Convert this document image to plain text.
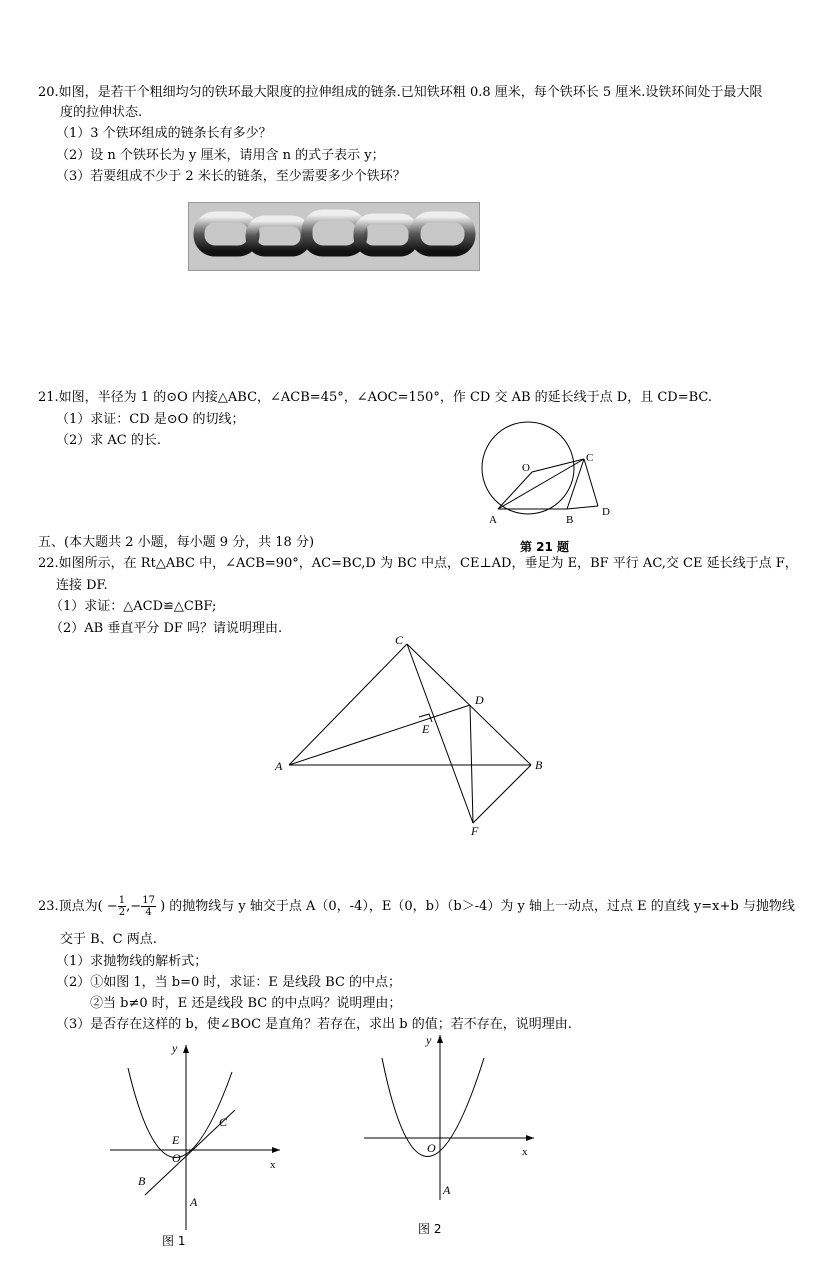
20.如图，是若干个粗细均匀的铁环最大限度的拉伸组成的链条.已知铁环粗 0.8 厘米，每个铁环长 5 厘米.设铁环间处于最大限
度的拉伸状态.
（1）3 个铁环组成的链条长有多少？
（2）设 n 个铁环长为 y 厘米，请用含 n 的式子表示 y；
（3）若要组成不少于 2 米长的链条，至少需要多少个铁环？
21.如图，半径为 1 的⊙O 内接△ABC，∠ACB=45°，∠AOC=150°，作 CD 交 AB 的延长线于点 D，且 CD=BC.
（1）求证：CD 是⊙O 的切线；
（2）求 AC 的长.
O
C
A	B
D
第 21 题
五、(本大题共 2 小题，每小题 9 分，共 18 分)
22.如图所示，在 Rt△ABC 中，∠ACB=90°，AC=BC,D 为 BC 中点，CE⊥AD，垂足为 E，BF 平行 AC,交 CE 延长线于点 F，
连接 DF.
（1）求证：△ACD≌△CBF;
（2）AB 垂直平分 DF 吗？请说明理由.
C
D
E
A	B
F
23.顶点为( − $\frac{1}{2}$ ,− $\frac{17}{4}$ ) 的抛物线与 y 轴交于点 A（0，-4），E（0，b）（b＞-4）为 y 轴上一动点，过点 E 的直线 y=x+b 与抛物线
交于 B、C 两点.
（1）求抛物线的解析式；
（2）①如图 1，当 b=0 时，求证：E 是线段 BC 的中点；
②当 b≠0 时，E 还是线段 BC 的中点吗？说明理由；
（3）是否存在这样的 b，使∠BOC 是直角？若存在，求出 b 的值；若不存在，说明理由.
y
x
E
C
O
B
A
图 1
y
x
O
A
图 2
